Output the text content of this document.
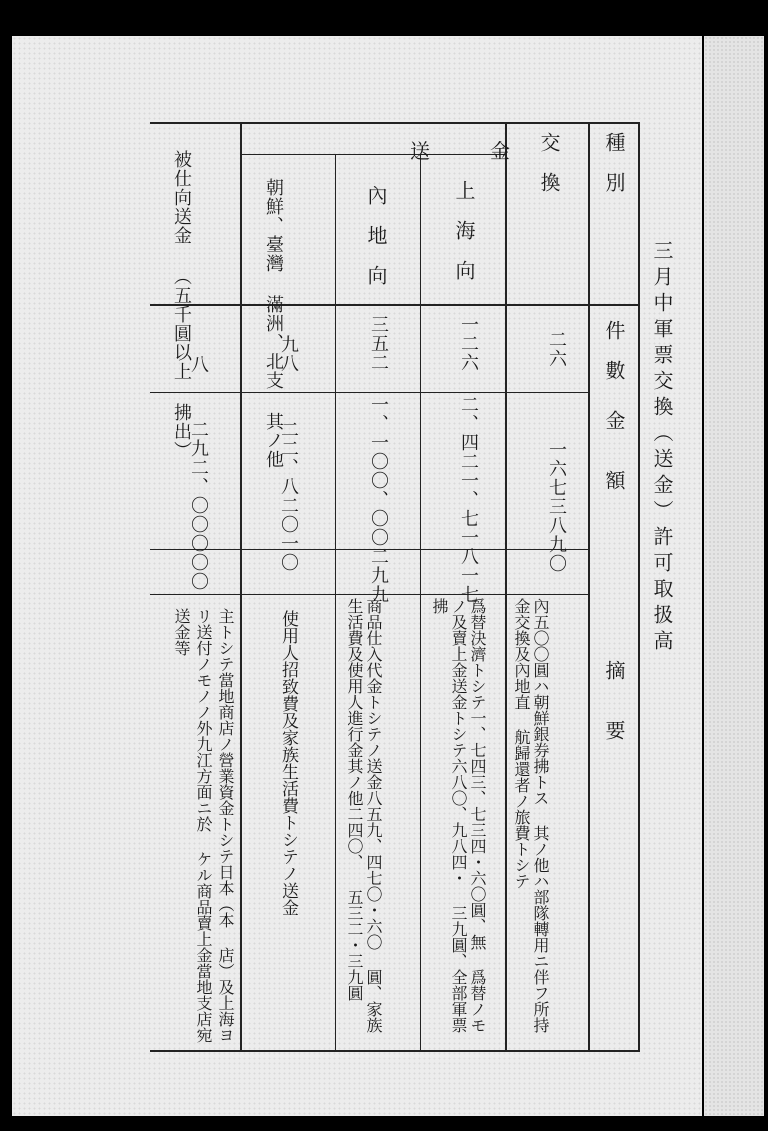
三月中軍票交換（送金）許可取扱高
種　別
件　數
金　　額
摘　　要
交　換
送　　　金
上　海　向
內　地　向
朝鮮、臺灣 滿洲、北支 其ノ他
被仕向送金 （五千圓以上 拂出）	二六
一六七三八九〇
內五〇〇圓ハ朝鮮銀券拂トス 其ノ他ハ部隊轉用ニ伴フ所持金交換及內地直 航歸還者ノ旅費トシテ
一二六
二、四二一、七一八一七
爲替決濟トシテ一、七四三、七三四・六〇圓、無 爲替ノモノ及賣上金送金トシテ六八〇、九八四・ 三九圓、全部軍票拂
三五二
一、一〇〇、〇〇二九九
商品仕入代金トシテノ送金八五九、四七〇・六〇 圓、家族生活費及使用人進行金其ノ他二四〇、 五三二・三九圓
九八
二二、八二〇一〇
使用人招致費及家族生活費トシテノ送金
八
二九二、〇〇〇〇〇
主トシテ當地商店ノ營業資金トシテ日本（本 店）及上海ヨリ送付ノモノノ外九江方面ニ於 ケル商品賣上金當地支店宛送金等
